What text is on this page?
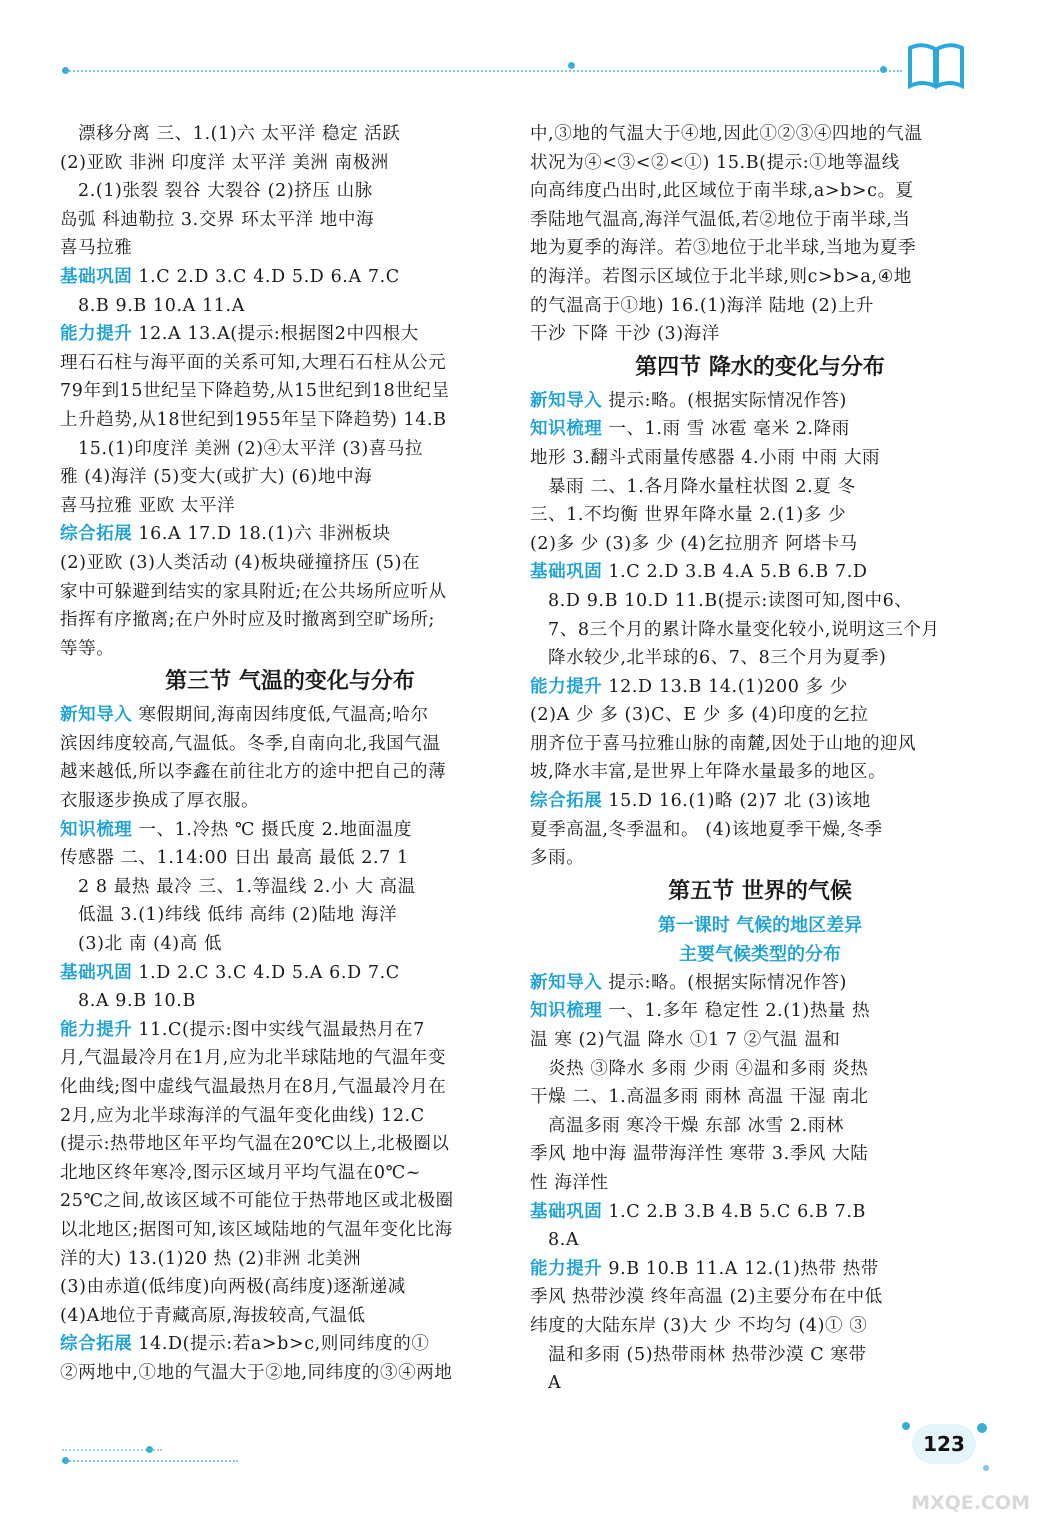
漂移分离 三、1.(1)六 太平洋 稳定 活跃
(2)亚欧 非洲 印度洋 太平洋 美洲 南极洲
2.(1)张裂 裂谷 大裂谷 (2)挤压 山脉
岛弧 科迪勒拉 3.交界 环太平洋 地中海
喜马拉雅
基础巩固 1.C 2.D 3.C 4.D 5.D 6.A 7.C
8.B 9.B 10.A 11.A
能力提升 12.A 13.A(提示:根据图2中四根大
理石石柱与海平面的关系可知,大理石石柱从公元
79年到15世纪呈下降趋势,从15世纪到18世纪呈
上升趋势,从18世纪到1955年呈下降趋势) 14.B
15.(1)印度洋 美洲 (2)④太平洋 (3)喜马拉
雅 (4)海洋 (5)变大(或扩大) (6)地中海
喜马拉雅 亚欧 太平洋
综合拓展 16.A 17.D 18.(1)六 非洲板块
(2)亚欧 (3)人类活动 (4)板块碰撞挤压 (5)在
家中可躲避到结实的家具附近;在公共场所应听从
指挥有序撤离;在户外时应及时撤离到空旷场所;
等等。
第三节 气温的变化与分布
新知导入 寒假期间,海南因纬度低,气温高;哈尔
滨因纬度较高,气温低。冬季,自南向北,我国气温
越来越低,所以李鑫在前往北方的途中把自己的薄
衣服逐步换成了厚衣服。
知识梳理 一、1.冷热 ℃ 摄氏度 2.地面温度
传感器 二、1.14:00 日出 最高 最低 2.7 1
2 8 最热 最冷 三、1.等温线 2.小 大 高温
低温 3.(1)纬线 低纬 高纬 (2)陆地 海洋
(3)北 南 (4)高 低
基础巩固 1.D 2.C 3.C 4.D 5.A 6.D 7.C
8.A 9.B 10.B
能力提升 11.C(提示:图中实线气温最热月在7
月,气温最冷月在1月,应为北半球陆地的气温年变
化曲线;图中虚线气温最热月在8月,气温最冷月在
2月,应为北半球海洋的气温年变化曲线) 12.C
(提示:热带地区年平均气温在20℃以上,北极圈以
北地区终年寒冷,图示区域月平均气温在0℃~
25℃之间,故该区域不可能位于热带地区或北极圈
以北地区;据图可知,该区域陆地的气温年变化比海
洋的大) 13.(1)20 热 (2)非洲 北美洲
(3)由赤道(低纬度)向两极(高纬度)逐渐递减
(4)A地位于青藏高原,海拔较高,气温低
综合拓展 14.D(提示:若a>b>c,则同纬度的①
②两地中,①地的气温大于②地,同纬度的③④两地
中,③地的气温大于④地,因此①②③④四地的气温
状况为④<③<②<①) 15.B(提示:①地等温线
向高纬度凸出时,此区域位于南半球,a>b>c。夏
季陆地气温高,海洋气温低,若②地位于南半球,当
地为夏季的海洋。若③地位于北半球,当地为夏季
的海洋。若图示区域位于北半球,则c>b>a,④地
的气温高于①地) 16.(1)海洋 陆地 (2)上升
干沙 下降 干沙 (3)海洋
第四节 降水的变化与分布
新知导入 提示:略。(根据实际情况作答)
知识梳理 一、1.雨 雪 冰雹 毫米 2.降雨
地形 3.翻斗式雨量传感器 4.小雨 中雨 大雨
暴雨 二、1.各月降水量柱状图 2.夏 冬
三、1.不均衡 世界年降水量 2.(1)多 少
(2)多 少 (3)多 少 (4)乞拉朋齐 阿塔卡马
基础巩固 1.C 2.D 3.B 4.A 5.B 6.B 7.D
8.D 9.B 10.D 11.B(提示:读图可知,图中6、
7、8三个月的累计降水量变化较小,说明这三个月
降水较少,北半球的6、7、8三个月为夏季)
能力提升 12.D 13.B 14.(1)200 多 少
(2)A 少 多 (3)C、E 少 多 (4)印度的乞拉
朋齐位于喜马拉雅山脉的南麓,因处于山地的迎风
坡,降水丰富,是世界上年降水量最多的地区。
综合拓展 15.D 16.(1)略 (2)7 北 (3)该地
夏季高温,冬季温和。 (4)该地夏季干燥,冬季
多雨。
第五节 世界的气候
第一课时 气候的地区差异
主要气候类型的分布
新知导入 提示:略。(根据实际情况作答)
知识梳理 一、1.多年 稳定性 2.(1)热量 热
温 寒 (2)气温 降水 ①1 7 ②气温 温和
炎热 ③降水 多雨 少雨 ④温和多雨 炎热
干燥 二、1.高温多雨 雨林 高温 干湿 南北
高温多雨 寒冷干燥 东部 冰雪 2.雨林
季风 地中海 温带海洋性 寒带 3.季风 大陆
性 海洋性
基础巩固 1.C 2.B 3.B 4.B 5.C 6.B 7.B
8.A
能力提升 9.B 10.B 11.A 12.(1)热带 热带
季风 热带沙漠 终年高温 (2)主要分布在中低
纬度的大陆东岸 (3)大 少 不均匀 (4)① ③
温和多雨 (5)热带雨林 热带沙漠 C 寒带
A
123
MXQE.COM
